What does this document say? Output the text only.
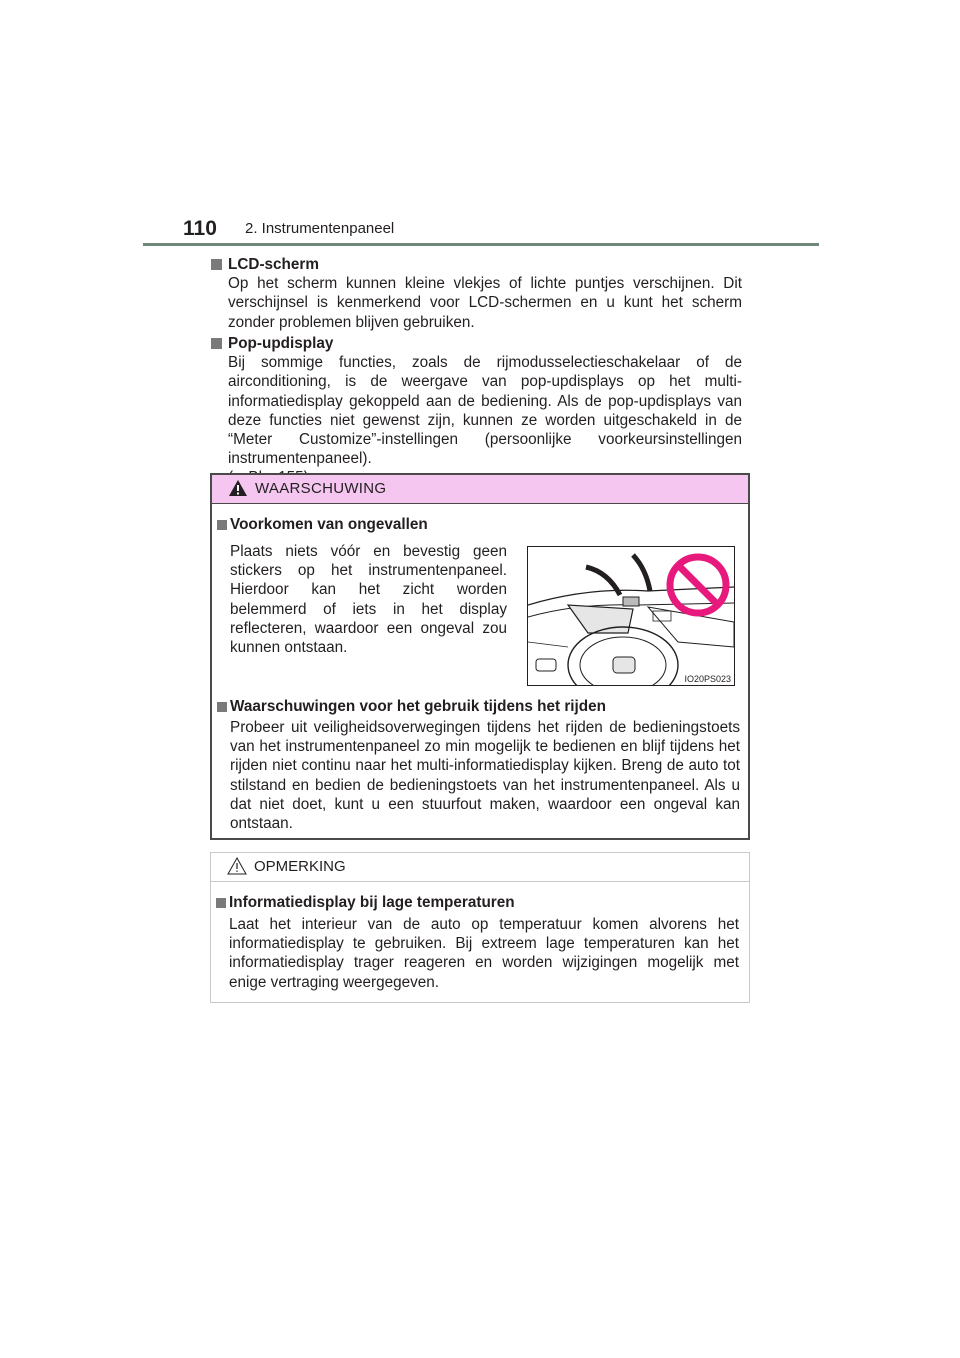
110 2. Instrumentenpaneel
LCD-scherm
Op het scherm kunnen kleine vlekjes of lichte puntjes verschijnen. Dit verschijnsel is kenmerkend voor LCD-schermen en u kunt het scherm zonder problemen blijven gebruiken.
Pop-updisplay
Bij sommige functies, zoals de rijmodusselectieschakelaar of de airconditioning, is de weergave van pop-updisplays op het multi-informatiedisplay gekoppeld aan de bediening. Als de pop-updisplays van deze functies niet gewenst zijn, kunnen ze worden uitgeschakeld in de “Meter Customize”-instellingen (persoonlijke voorkeursinstellingen instrumentenpaneel).
WAARSCHUWING
Voorkomen van ongevallen
Plaats niets vóór en bevestig geen stickers op het instrumentenpaneel. Hierdoor kan het zicht worden belemmerd of iets in het display reflecteren, waardoor een ongeval zou kunnen ontstaan.
IO20PS023
Waarschuwingen voor het gebruik tijdens het rijden
Probeer uit veiligheidsoverwegingen tijdens het rijden de bedieningstoets van het instrumentenpaneel zo min mogelijk te bedienen en blijf tijdens het rijden niet continu naar het multi-informatiedisplay kijken. Breng de auto tot stilstand en bedien de bedieningstoets van het instrumentenpaneel. Als u dat niet doet, kunt u een stuurfout maken, waardoor een ongeval kan ontstaan.
OPMERKING
Informatiedisplay bij lage temperaturen
Laat het interieur van de auto op temperatuur komen alvorens het informatiedisplay te gebruiken. Bij extreem lage temperaturen kan het informatiedisplay trager reageren en worden wijzigingen mogelijk met enige vertraging weergegeven.
